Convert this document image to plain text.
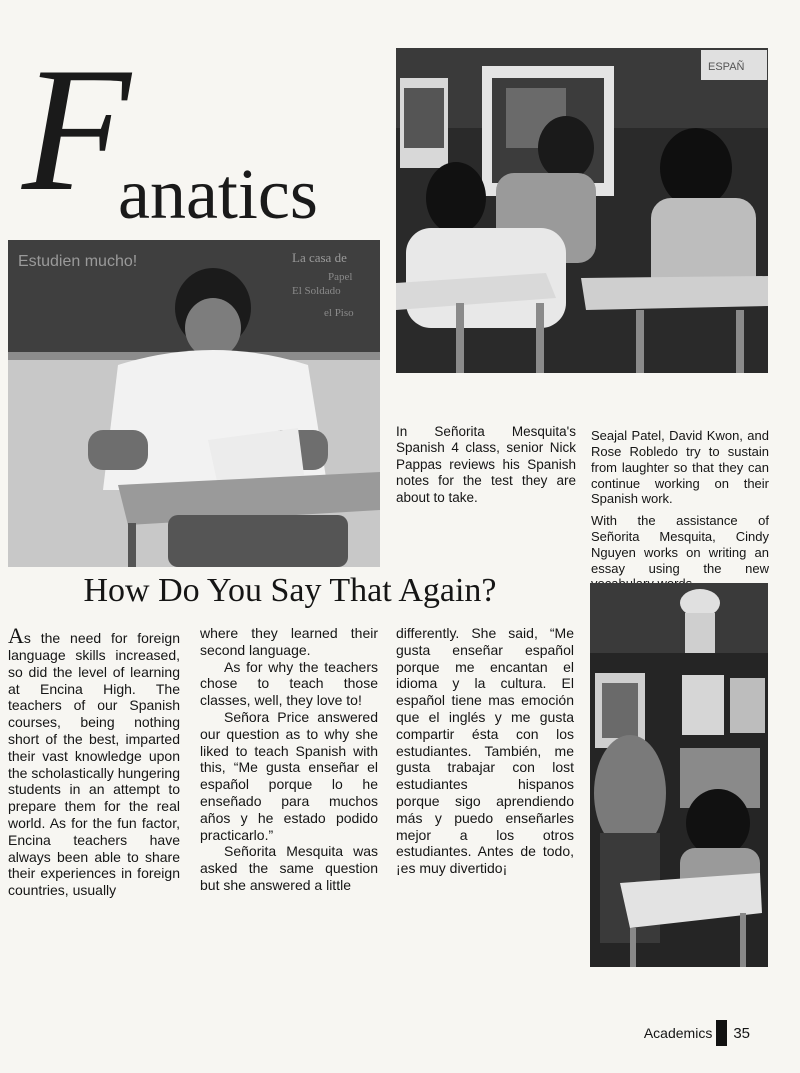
F
anatics
ESPAÑ
Estudien mucho!	La casa de
Papel
El Soldado
el Piso
In Señorita Mesquita's Spanish 4 class, senior Nick Pappas reviews his Spanish notes for the test they are about to take.
Seajal Patel, David Kwon, and Rose Robledo try to sustain from laughter so that they can continue working on their Spanish work.
With the assistance of Señorita Mesquita, Cindy Nguyen works on writing an essay using the new
How Do You Say That Again?

As the need for foreign language skills increased, so did the level of learning at Encina High. The teachers of our Spanish courses, being nothing short of the best, imparted their vast knowledge upon the scholastically hungering students in an attempt to prepare them for the real world. As for the fun factor, Encina teachers have always been able to share their experiences in foreign countries, usually

where they learned their second language.

As for why the teachers chose to teach those classes, well, they love to!

Señora Price answered our question as to why she liked to teach Spanish with this, “Me gusta enseñar el español porque lo he enseñado para muchos años y he estado podido practicarlo.”

Señorita Mesquita was asked the same question but she answered a little

differently. She said, “Me gusta enseñar español porque me encantan el idioma y la cultura. El español tiene mas emoción que el inglés y me gusta compartir ésta con los estudiantes. También, me gusta trabajar con lost estudiantes hispanos porque sigo aprendiendo más y puedo enseñarles mejor a los otros estudiantes. Antes de todo, ¡es muy divertido¡

Academics 35
